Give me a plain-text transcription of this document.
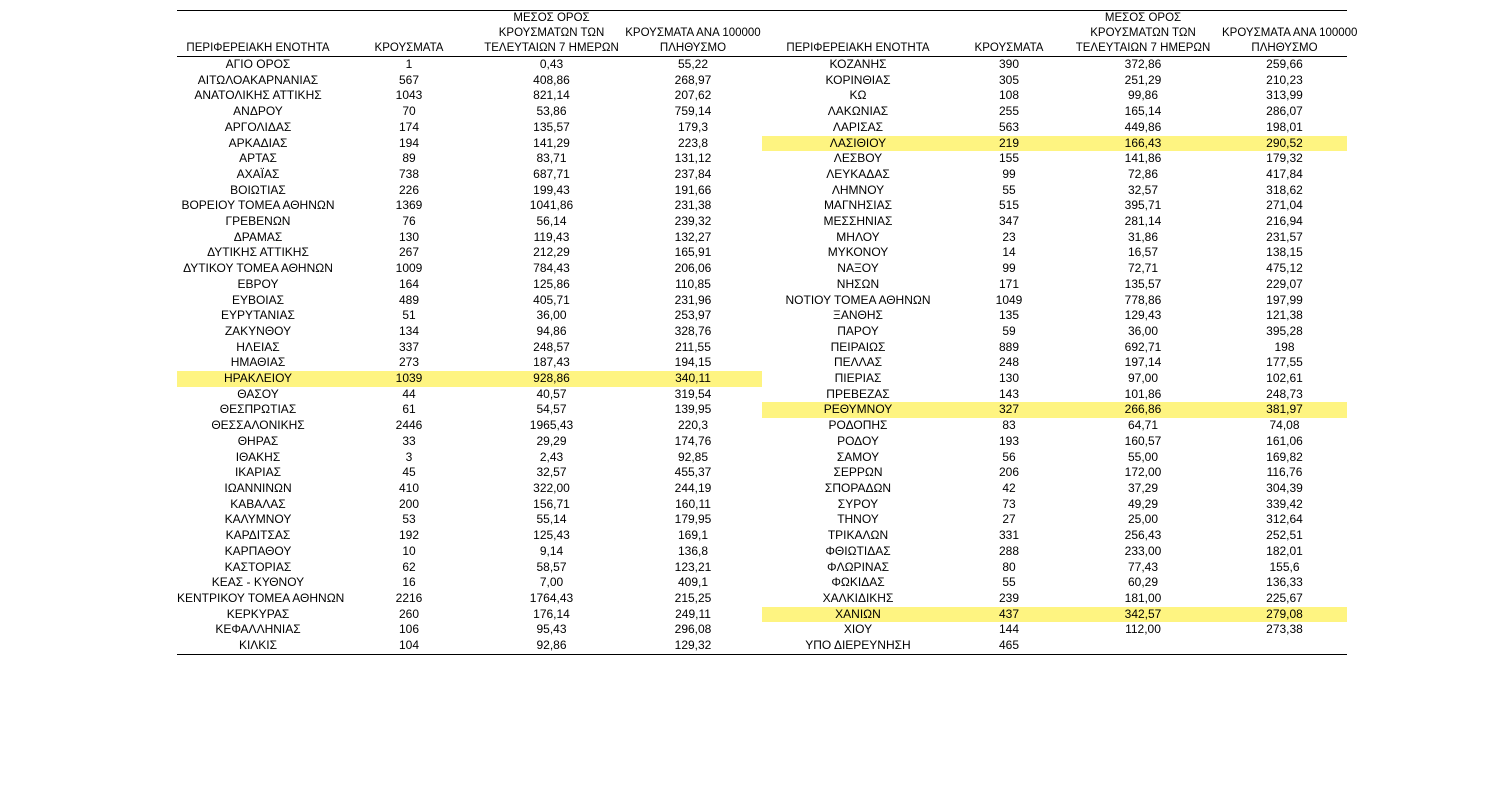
ΠΕΡΙΦΕΡΕΙΑΚΗ ΕΝΟΤΗΤΑ	ΚΡΟΥΣΜΑΤΑ	ΜΕΣΟΣ ΟΡΟΣ
ΚΡΟΥΣΜΑΤΩΝ ΤΩΝ
ΤΕΛΕΥΤΑΙΩΝ 7 ΗΜΕΡΩΝ	ΚΡΟΥΣΜΑΤΑ ΑΝΑ 100000
ΠΛΗΘΥΣΜΟ	ΠΕΡΙΦΕΡΕΙΑΚΗ ΕΝΟΤΗΤΑ	ΚΡΟΥΣΜΑΤΑ	ΜΕΣΟΣ ΟΡΟΣ
ΚΡΟΥΣΜΑΤΩΝ ΤΩΝ
ΤΕΛΕΥΤΑΙΩΝ 7 ΗΜΕΡΩΝ	ΚΡΟΥΣΜΑΤΑ ΑΝΑ 100000
ΠΛΗΘΥΣΜΟ
ΑΓΙΟ ΟΡΟΣ	1	0,43	55,22	ΚΟΖΑΝΗΣ	390	372,86	259,66
ΑΙΤΩΛΟΑΚΑΡΝΑΝΙΑΣ	567	408,86	268,97	ΚΟΡΙΝΘΙΑΣ	305	251,29	210,23
ΑΝΑΤΟΛΙΚΗΣ ΑΤΤΙΚΗΣ	1043	821,14	207,62	ΚΩ	108	99,86	313,99
ΑΝΔΡΟΥ	70	53,86	759,14	ΛΑΚΩΝΙΑΣ	255	165,14	286,07
ΑΡΓΟΛΙΔΑΣ	174	135,57	179,3	ΛΑΡΙΣΑΣ	563	449,86	198,01
ΑΡΚΑΔΙΑΣ	194	141,29	223,8	ΛΑΣΙΘΙΟΥ	219	166,43	290,52
ΑΡΤΑΣ	89	83,71	131,12	ΛΕΣΒΟΥ	155	141,86	179,32
ΑΧΑΪΑΣ	738	687,71	237,84	ΛΕΥΚΑΔΑΣ	99	72,86	417,84
ΒΟΙΩΤΙΑΣ	226	199,43	191,66	ΛΗΜΝΟΥ	55	32,57	318,62
ΒΟΡΕΙΟΥ ΤΟΜΕΑ ΑΘΗΝΩΝ	1369	1041,86	231,38	ΜΑΓΝΗΣΙΑΣ	515	395,71	271,04
ΓΡΕΒΕΝΩΝ	76	56,14	239,32	ΜΕΣΣΗΝΙΑΣ	347	281,14	216,94
ΔΡΑΜΑΣ	130	119,43	132,27	ΜΗΛΟΥ	23	31,86	231,57
ΔΥΤΙΚΗΣ ΑΤΤΙΚΗΣ	267	212,29	165,91	ΜΥΚΟΝΟΥ	14	16,57	138,15
ΔΥΤΙΚΟΥ ΤΟΜΕΑ ΑΘΗΝΩΝ	1009	784,43	206,06	ΝΑΞΟΥ	99	72,71	475,12
ΕΒΡΟΥ	164	125,86	110,85	ΝΗΣΩΝ	171	135,57	229,07
ΕΥΒΟΙΑΣ	489	405,71	231,96	ΝΟΤΙΟΥ ΤΟΜΕΑ ΑΘΗΝΩΝ	1049	778,86	197,99
ΕΥΡΥΤΑΝΙΑΣ	51	36,00	253,97	ΞΑΝΘΗΣ	135	129,43	121,38
ΖΑΚΥΝΘΟΥ	134	94,86	328,76	ΠΑΡΟΥ	59	36,00	395,28
ΗΛΕΙΑΣ	337	248,57	211,55	ΠΕΙΡΑΙΩΣ	889	692,71	198
ΗΜΑΘΙΑΣ	273	187,43	194,15	ΠΕΛΛΑΣ	248	197,14	177,55
ΗΡΑΚΛΕΙΟΥ	1039	928,86	340,11	ΠΙΕΡΙΑΣ	130	97,00	102,61
ΘΑΣΟΥ	44	40,57	319,54	ΠΡΕΒΕΖΑΣ	143	101,86	248,73
ΘΕΣΠΡΩΤΙΑΣ	61	54,57	139,95	ΡΕΘΥΜΝΟΥ	327	266,86	381,97
ΘΕΣΣΑΛΟΝΙΚΗΣ	2446	1965,43	220,3	ΡΟΔΟΠΗΣ	83	64,71	74,08
ΘΗΡΑΣ	33	29,29	174,76	ΡΟΔΟΥ	193	160,57	161,06
ΙΘΑΚΗΣ	3	2,43	92,85	ΣΑΜΟΥ	56	55,00	169,82
ΙΚΑΡΙΑΣ	45	32,57	455,37	ΣΕΡΡΩΝ	206	172,00	116,76
ΙΩΑΝΝΙΝΩΝ	410	322,00	244,19	ΣΠΟΡΑΔΩΝ	42	37,29	304,39
ΚΑΒΑΛΑΣ	200	156,71	160,11	ΣΥΡΟΥ	73	49,29	339,42
ΚΑΛΥΜΝΟΥ	53	55,14	179,95	ΤΗΝΟΥ	27	25,00	312,64
ΚΑΡΔΙΤΣΑΣ	192	125,43	169,1	ΤΡΙΚΑΛΩΝ	331	256,43	252,51
ΚΑΡΠΑΘΟΥ	10	9,14	136,8	ΦΘΙΩΤΙΔΑΣ	288	233,00	182,01
ΚΑΣΤΟΡΙΑΣ	62	58,57	123,21	ΦΛΩΡΙΝΑΣ	80	77,43	155,6
ΚΕΑΣ - ΚΥΘΝΟΥ	16	7,00	409,1	ΦΩΚΙΔΑΣ	55	60,29	136,33
ΚΕΝΤΡΙΚΟΥ ΤΟΜΕΑ ΑΘΗΝΩΝ	2216	1764,43	215,25	ΧΑΛΚΙΔΙΚΗΣ	239	181,00	225,67
ΚΕΡΚΥΡΑΣ	260	176,14	249,11	ΧΑΝΙΩΝ	437	342,57	279,08
ΚΕΦΑΛΛΗΝΙΑΣ	106	95,43	296,08	ΧΙΟΥ	144	112,00	273,38
ΚΙΛΚΙΣ	104	92,86	129,32	ΥΠΟ ΔΙΕΡΕΥΝΗΣΗ	465		
